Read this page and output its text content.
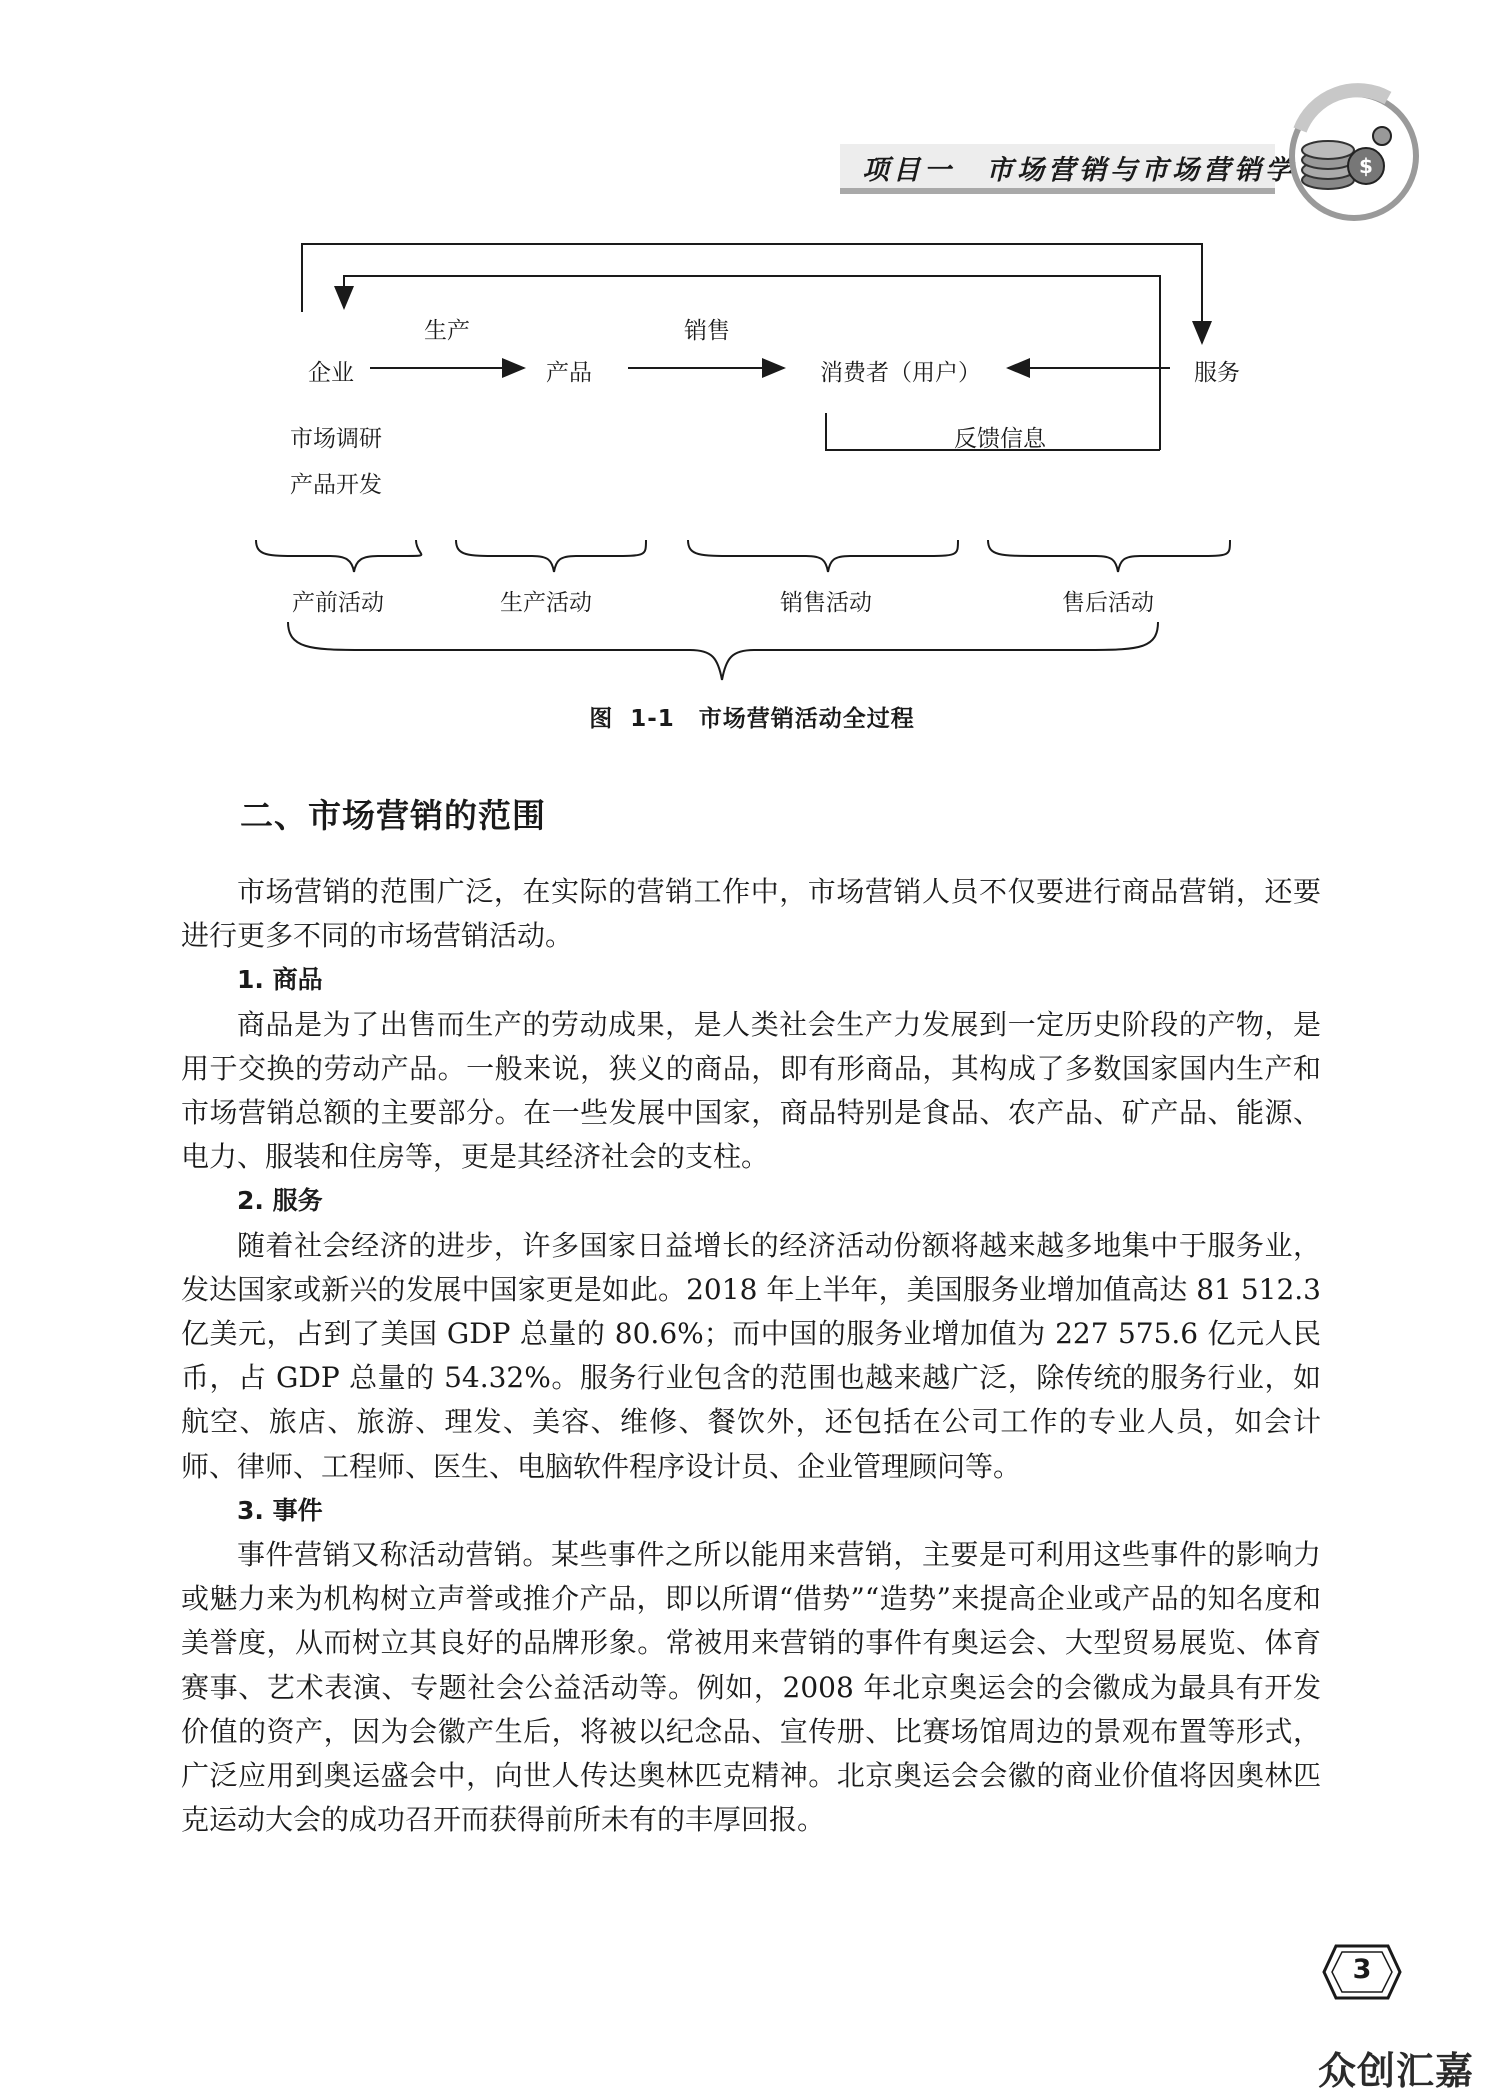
项目一　市场营销与市场营销学	$
生产	销售
企业	产品	消费者（用户）	服务
反馈信息
市场调研
产品开发
产前活动	生产活动	销售活动	售后活动
图 1-1　市场营销活动全过程
二、市场营销的范围

市场营销的范围广泛，在实际的营销工作中，市场营销人员不仅要进行商品营销，还要进行更多不同的市场营销活动。

1. 商品

商品是为了出售而生产的劳动成果，是人类社会生产力发展到一定历史阶段的产物，是用于交换的劳动产品。一般来说，狭义的商品，即有形商品，其构成了多数国家国内生产和市场营销总额的主要部分。在一些发展中国家，商品特别是食品、农产品、矿产品、能源、电力、服装和住房等，更是其经济社会的支柱。

2. 服务

随着社会经济的进步，许多国家日益增长的经济活动份额将越来越多地集中于服务业，发达国家或新兴的发展中国家更是如此。2018 年上半年，美国服务业增加值高达 81 512.3 亿美元，占到了美国 GDP 总量的 80.6%；而中国的服务业增加值为 227 575.6 亿元人民币，占 GDP 总量的 54.32%。服务行业包含的范围也越来越广泛，除传统的服务行业，如航空、旅店、旅游、理发、美容、维修、餐饮外，还包括在公司工作的专业人员，如会计师、律师、工程师、医生、电脑软件程序设计员、企业管理顾问等。

3. 事件

事件营销又称活动营销。某些事件之所以能用来营销，主要是可利用这些事件的影响力或魅力来为机构树立声誉或推介产品，即以所谓“借势”“造势”来提高企业或产品的知名度和美誉度，从而树立其良好的品牌形象。常被用来营销的事件有奥运会、大型贸易展览、体育赛事、艺术表演、专题社会公益活动等。例如，2008 年北京奥运会的会徽成为最具有开发价值的资产，因为会徽产生后，将被以纪念品、宣传册、比赛场馆周边的景观布置等形式，广泛应用到奥运盛会中，向世人传达奥林匹克精神。北京奥运会会徽的商业价值将因奥林匹克运动大会的成功召开而获得前所未有的丰厚回报。

3
众创汇嘉
